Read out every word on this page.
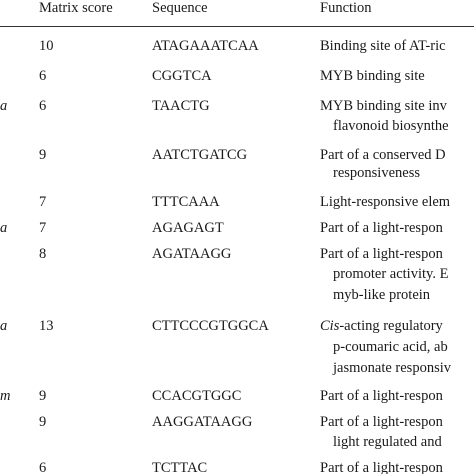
Matrix score	Sequence	Function
10	ATAGAAATCAA	Binding site of AT-ric
6	CGGTCA	MYB binding site
a 6	TAACTG	MYB binding site inv
flavonoid biosynthe
9	AATCTGATCG	Part of a conserved D
responsiveness
7	TTTCAAA	Light-responsive elem
a 7	AGAGAGT	Part of a light-respon
8	AGATAAGG	Part of a light-respon
promoter activity. E
myb-like protein
a 13	CTTCCCGTGGCA	Cis-acting regulatory
p-coumaric acid, ab
jasmonate responsiv
m 9	CCACGTGGC	Part of a light-respon
9	AAGGATAAGG	Part of a light-respon
light regulated and
6	TCTTAC	Part of a light-respon
